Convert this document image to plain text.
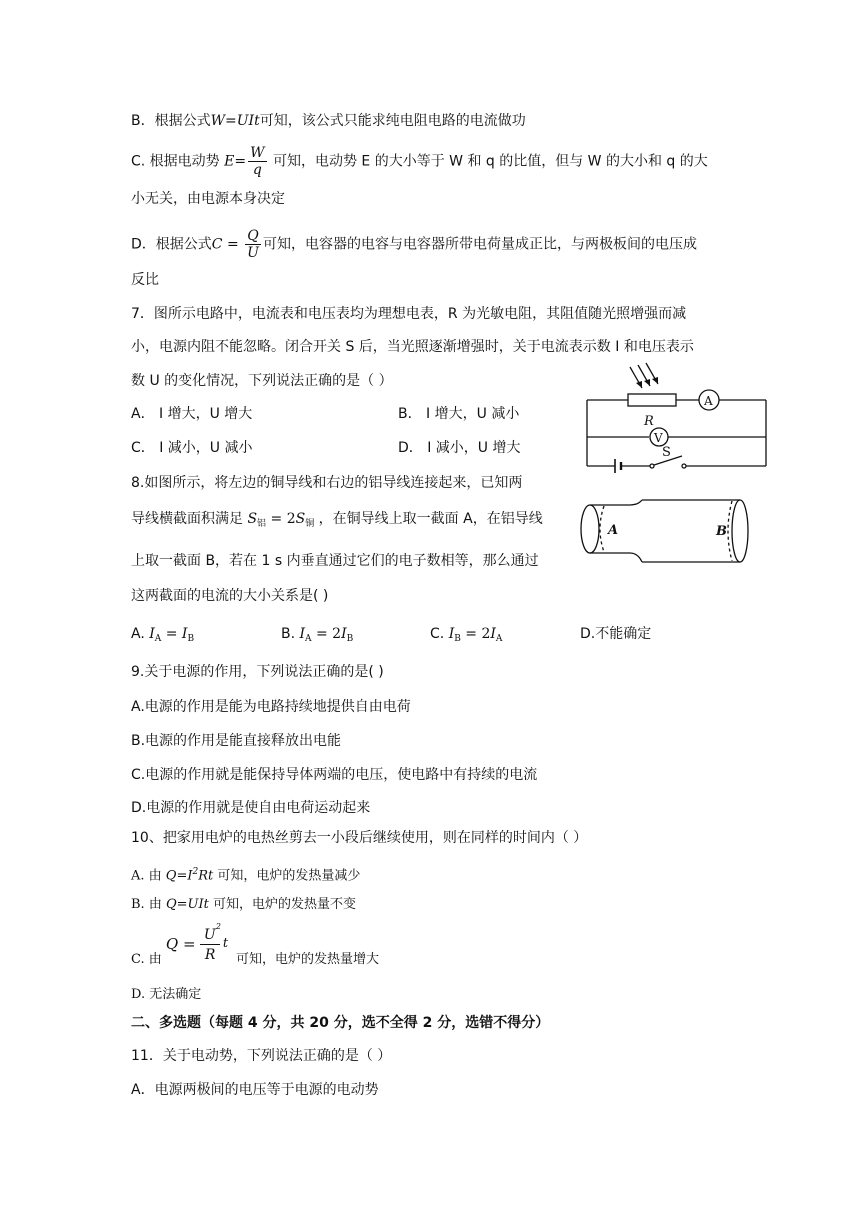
B．根据公式W=UIt可知，该公式只能求纯电阻电路的电流做功
C. 根据电动势 $E= \frac{W}{q}$ 可知，电动势 E 的大小等于 W 和 q 的比值，但与 W 的大小和 q 的大
小无关，由电源本身决定
D．根据公式$C = \frac{Q}{U}$ 可知，电容器的电容与电容器所带电荷量成正比，与两极板间的电压成
反比
7．图所示电路中，电流表和电压表均为理想电表，R 为光敏电阻，其阻值随光照增强而减
小，电源内阻不能忽略。闭合开关 S 后，当光照逐渐增强时，关于电流表示数 I 和电压表示
数 U 的变化情况，下列说法正确的是（ ）
A． I 增大，U 增大	B． I 增大，U 减小
C． I 减小，U 减小	D． I 减小，U 增大
R
A
V
S
8.如图所示，将左边的铜导线和右边的铝导线连接起来，已知两
导线横截面积满足 $S_铝 = 2S_铜$ ，在铜导线上取一截面 A，在铝导线
上取一截面 B，若在 1 s 内垂直通过它们的电子数相等，那么通过
这两截面的电流的大小关系是( )
A. $I_A = I_B$	B. $I_A = 2I_B$	C. $I_B = 2I_A$	D.不能确定
A	B
9.关于电源的作用，下列说法正确的是( )
A.电源的作用是能为电路持续地提供自由电荷
B.电源的作用是能直接释放出电能
C.电源的作用就是能保持导体两端的电压，使电路中有持续的电流
D.电源的作用就是使自由电荷运动起来
10、把家用电炉的电热丝剪去一小段后继续使用，则在同样的时间内（ ）
A. 由 $Q=I^2Rt$ 可知，电炉的发热量减少
B. 由 Q=UIt 可知，电炉的发热量不变
C. 由
Q = U
2
R
t
可知，电炉的发热量增大
D. 无法确定
二、多选题（每题 4 分，共 20 分，选不全得 2 分，选错不得分）
11．关于电动势，下列说法正确的是（ ）
A．电源两极间的电压等于电源的电动势
